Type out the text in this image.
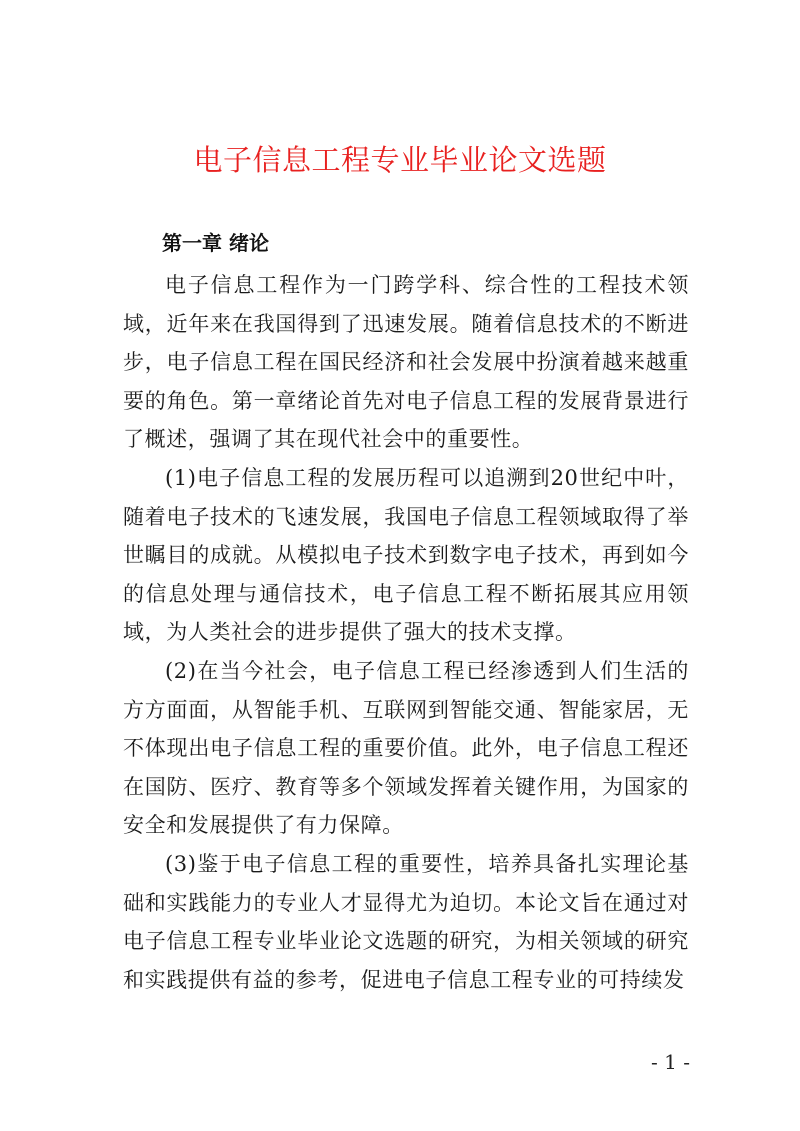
电子信息工程专业毕业论文选题
第一章 绪论

电子信息工程作为一门跨学科、综合性的工程技术领域，近年来在我国得到了迅速发展。随着信息技术的不断进步，电子信息工程在国民经济和社会发展中扮演着越来越重要的角色。第一章绪论首先对电子信息工程的发展背景进行了概述，强调了其在现代社会中的重要性。

(1)电子信息工程的发展历程可以追溯到20世纪中叶，随着电子技术的飞速发展，我国电子信息工程领域取得了举世瞩目的成就。从模拟电子技术到数字电子技术，再到如今的信息处理与通信技术，电子信息工程不断拓展其应用领域，为人类社会的进步提供了强大的技术支撑。

(2)在当今社会，电子信息工程已经渗透到人们生活的方方面面，从智能手机、互联网到智能交通、智能家居，无不体现出电子信息工程的重要价值。此外，电子信息工程还在国防、医疗、教育等多个领域发挥着关键作用，为国家的安全和发展提供了有力保障。

(3)鉴于电子信息工程的重要性，培养具备扎实理论基础和实践能力的专业人才显得尤为迫切。本论文旨在通过对电子信息工程专业毕业论文选题的研究，为相关领域的研究和实践提供有益的参考，促进电子信息工程专业的可持续发

- 1 -
